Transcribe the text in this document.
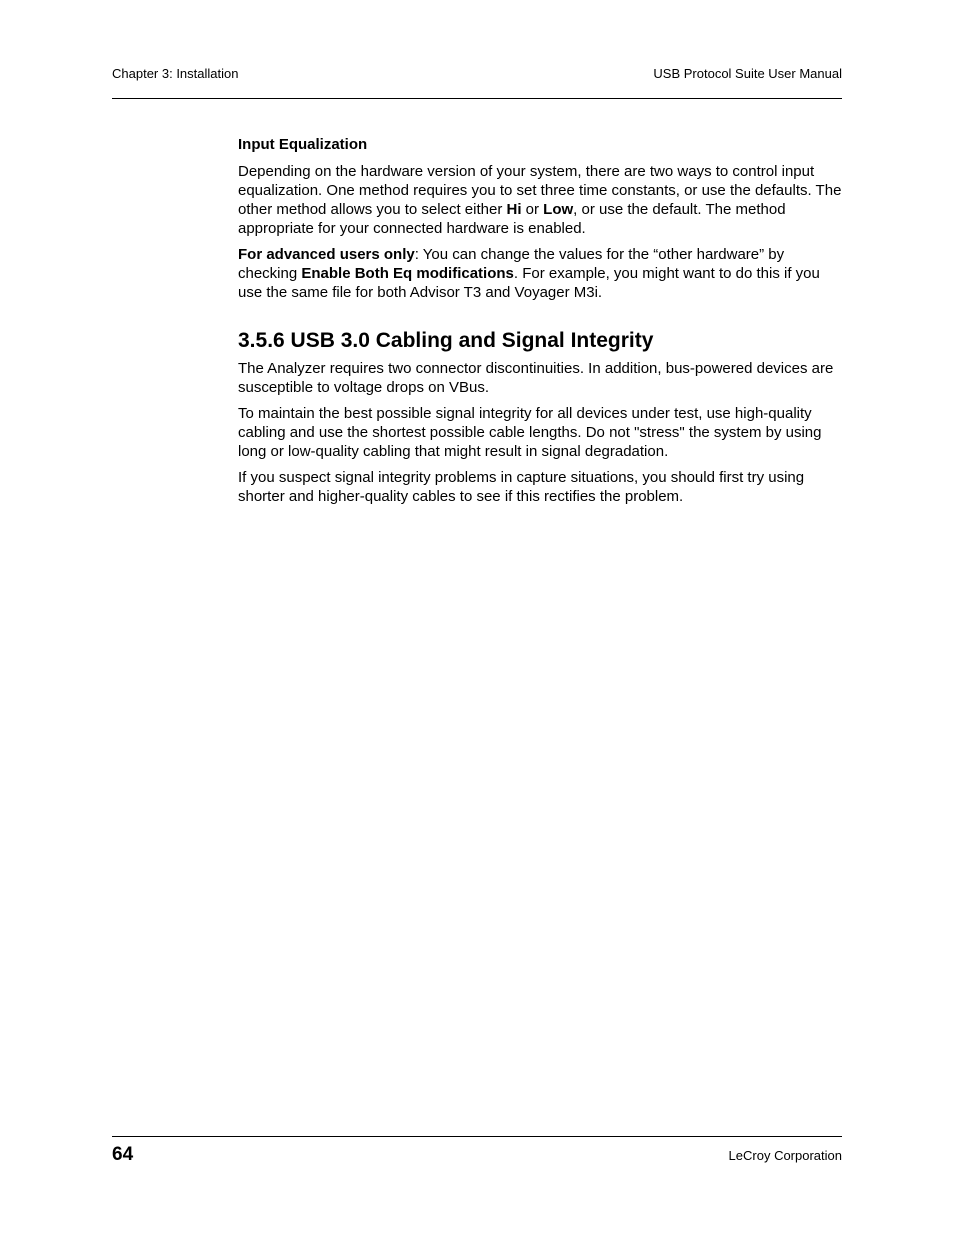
Chapter 3: Installation	USB Protocol Suite User Manual
Input Equalization

Depending on the hardware version of your system, there are two ways to control input equalization. One method requires you to set three time constants, or use the defaults. The other method allows you to select either Hi or Low, or use the default. The method appropriate for your connected hardware is enabled.

For advanced users only: You can change the values for the “other hardware” by checking Enable Both Eq modifications. For example, you might want to do this if you use the same file for both Advisor T3 and Voyager M3i.

3.5.6 USB 3.0 Cabling and Signal Integrity

The Analyzer requires two connector discontinuities. In addition, bus-powered devices are susceptible to voltage drops on VBus.

To maintain the best possible signal integrity for all devices under test, use high-quality cabling and use the shortest possible cable lengths. Do not "stress" the system by using long or low-quality cabling that might result in signal degradation.

If you suspect signal integrity problems in capture situations, you should first try using shorter and higher-quality cables to see if this rectifies the problem.

64	LeCroy Corporation
